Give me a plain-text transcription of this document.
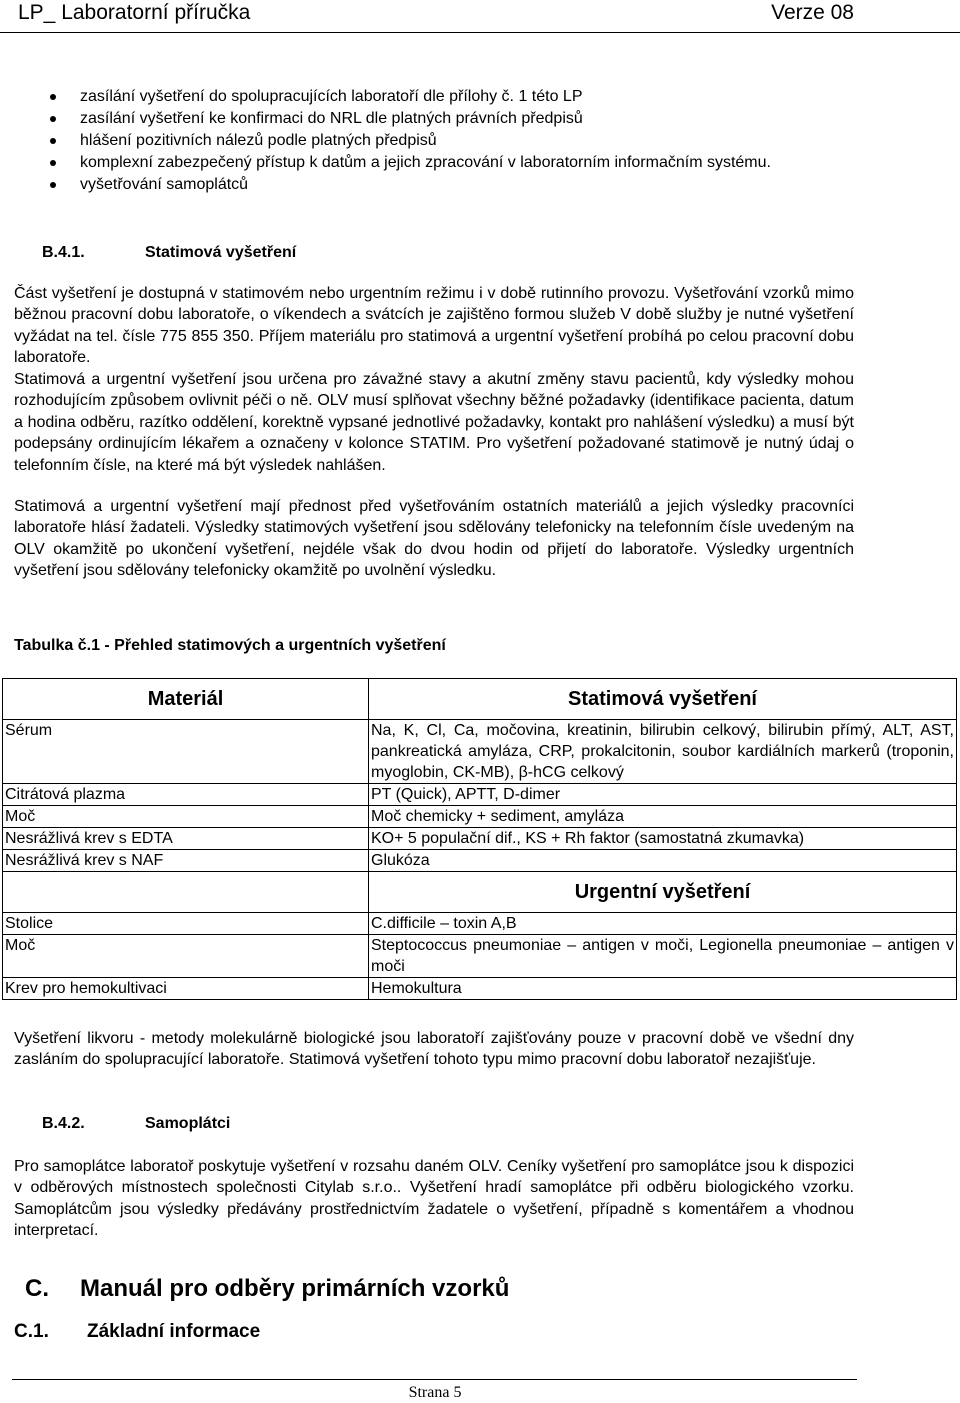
LP_ Laboratorní příručka	Verze 08
zasílání vyšetření do spolupracujících laboratoří dle přílohy č. 1 této LP
zasílání vyšetření ke konfirmaci do NRL dle platných právních předpisů
hlášení pozitivních nálezů podle platných předpisů
komplexní zabezpečený přístup k datům a jejich zpracování v laboratorním informačním systému.
vyšetřování samoplátců
B.4.1.	Statimová vyšetření

Část vyšetření je dostupná v statimovém nebo urgentním režimu i v době rutinního provozu. Vyšetřování vzorků mimo běžnou pracovní dobu laboratoře, o víkendech a svátcích je zajištěno formou služeb V době služby je nutné vyšetření vyžádat na tel. čísle 775 855 350. Příjem materiálu pro statimová a urgentní vyšetření probíhá po celou pracovní dobu laboratoře.

Statimová a urgentní vyšetření jsou určena pro závažné stavy a akutní změny stavu pacientů, kdy výsledky mohou rozhodujícím způsobem ovlivnit péči o ně. OLV musí splňovat všechny běžné požadavky (identifikace pacienta, datum a hodina odběru, razítko oddělení, korektně vypsané jednotlivé požadavky, kontakt pro nahlášení výsledku) a musí být podepsány ordinujícím lékařem a označeny v kolonce STATIM. Pro vyšetření požadované statimově je nutný údaj o telefonním čísle, na které má být výsledek nahlášen.

Statimová a urgentní vyšetření mají přednost před vyšetřováním ostatních materiálů a jejich výsledky pracovníci laboratoře hlásí žadateli. Výsledky statimových vyšetření jsou sdělovány telefonicky na telefonním čísle uvedeným na OLV okamžitě po ukončení vyšetření, nejdéle však do dvou hodin od přijetí do laboratoře. Výsledky urgentních vyšetření jsou sdělovány telefonicky okamžitě po uvolnění výsledku.

Tabulka č.1 - Přehled statimových a urgentních vyšetření
Materiál	Statimová vyšetření
Sérum	Na, K, Cl, Ca, močovina, kreatinin, bilirubin celkový, bilirubin přímý, ALT, AST, pankreatická amyláza, CRP, prokalcitonin, soubor kardiálních markerů (troponin, myoglobin, CK-MB), β-hCG celkový
Citrátová plazma	PT (Quick), APTT, D-dimer
Moč	Moč chemicky + sediment, amyláza
Nesrážlivá krev s EDTA	KO+ 5 populační dif., KS + Rh faktor (samostatná zkumavka)
Nesrážlivá krev s NAF	Glukóza
	Urgentní vyšetření
Stolice	C.difficile – toxin A,B
Moč	Steptococcus pneumoniae – antigen v moči, Legionella pneumoniae – antigen v moči
Krev pro hemokultivaci	Hemokultura

Vyšetření likvoru - metody molekulárně biologické jsou laboratoří zajišťovány pouze v pracovní době ve všední dny zasláním do spolupracující laboratoře. Statimová vyšetření tohoto typu mimo pracovní dobu laboratoř nezajišťuje.

B.4.2.	Samoplátci

Pro samoplátce laboratoř poskytuje vyšetření v rozsahu daném OLV. Ceníky vyšetření pro samoplátce jsou k dispozici v odběrových místnostech společnosti Citylab s.r.o.. Vyšetření hradí samoplátce při odběru biologického vzorku. Samoplátcům jsou výsledky předávány prostřednictvím žadatele o vyšetření, případně s komentářem a vhodnou interpretací.

C. Manuál pro odběry primárních vzorků
C.1. Základní informace
Strana 5
